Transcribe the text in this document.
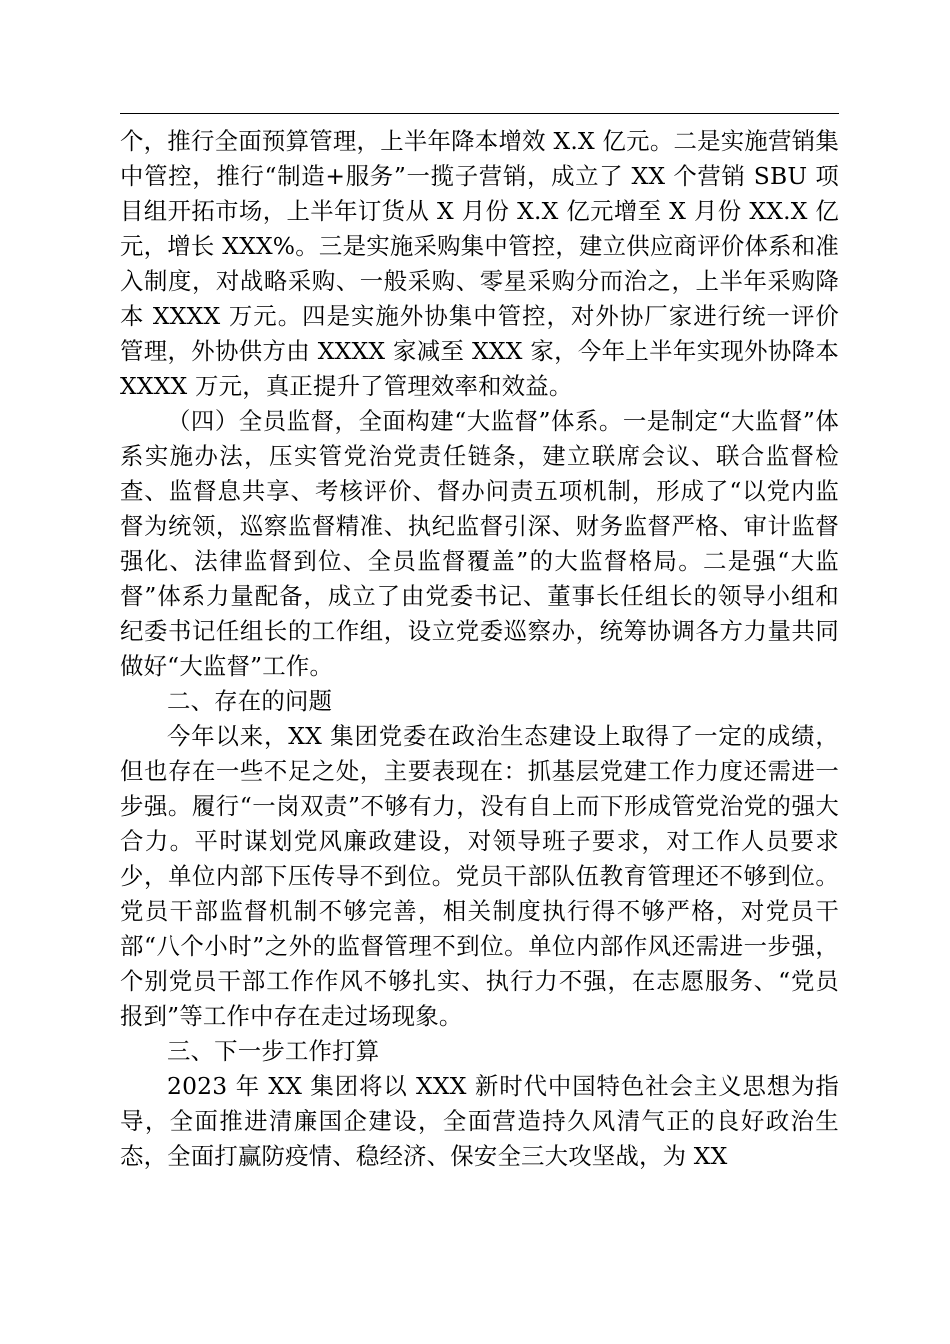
个，推行全面预算管理，上半年降本增效 X.X 亿元。二是实施营销集中管控，推行“制造+服务”一揽子营销，成立了 XX 个营销 SBU 项目组开拓市场，上半年订货从 X 月份 X.X 亿元增至 X 月份 XX.X 亿元，增长 XXX%。三是实施采购集中管控，建立供应商评价体系和准入制度，对战略采购、一般采购、零星采购分而治之，上半年采购降本 XXXX 万元。四是实施外协集中管控，对外协厂家进行统一评价管理，外协供方由 XXXX 家减至 XXX 家，今年上半年实现外协降本 XXXX 万元，真正提升了管理效率和效益。

（四）全员监督，全面构建“大监督”体系。一是制定“大监督”体系实施办法，压实管党治党责任链条，建立联席会议、联合监督检查、监督息共享、考核评价、督办问责五项机制，形成了“以党内监督为统领，巡察监督精准、执纪监督引深、财务监督严格、审计监督强化、法律监督到位、全员监督覆盖”的大监督格局。二是强“大监督”体系力量配备，成立了由党委书记、董事长任组长的领导小组和纪委书记任组长的工作组，设立党委巡察办，统筹协调各方力量共同做好“大监督”工作。

二、存在的问题

今年以来，XX 集团党委在政治生态建设上取得了一定的成绩，但也存在一些不足之处，主要表现在：抓基层党建工作力度还需进一步强。履行“一岗双责”不够有力，没有自上而下形成管党治党的强大合力。平时谋划党风廉政建设，对领导班子要求，对工作人员要求少，单位内部下压传导不到位。党员干部队伍教育管理还不够到位。党员干部监督机制不够完善，相关制度执行得不够严格，对党员干部“八个小时”之外的监督管理不到位。单位内部作风还需进一步强，个别党员干部工作作风不够扎实、执行力不强，在志愿服务、“党员报到”等工作中存在走过场现象。

三、下一步工作打算

2023 年 XX 集团将以 XXX 新时代中国特色社会主义思想为指导，全面推进清廉国企建设，全面营造持久风清气正的良好政治生态，全面打赢防疫情、稳经济、保安全三大攻坚战，为 XX
